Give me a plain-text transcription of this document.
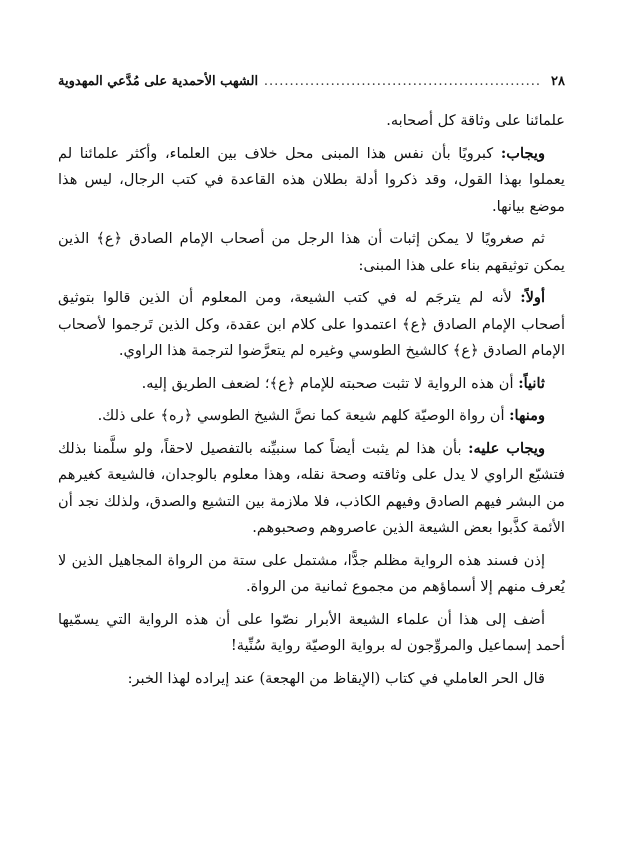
٢٨
.....
الشهب الأحمدية على مُدَّعي المهدوية

علمائنا على وثاقة كل أصحابه.

ويجاب: كبرويًا بأن نفس هذا المبنى محل خلاف بين العلماء، وأكثر علمائنا لم يعملوا بهذا القول، وقد ذكروا أدلة بطلان هذه القاعدة في كتب الرجال، ليس هذا موضع بيانها.

ثم صغرويًا لا يمكن إثبات أن هذا الرجل من أصحاب الإمام الصادق ﴿ع﴾ الذين يمكن توثيقهم بناء على هذا المبنى:

أولاً: لأنه لم يترجَم له في كتب الشيعة، ومن المعلوم أن الذين قالوا بتوثيق أصحاب الإمام الصادق ﴿ع﴾ اعتمدوا على كلام ابن عقدة، وكل الذين تَرجموا لأصحاب الإمام الصادق ﴿ع﴾ كالشيخ الطوسي وغيره لم يتعرَّضوا لترجمة هذا الراوي.

ثانياً: أن هذه الرواية لا تثبت صحبته للإمام ﴿ع﴾؛ لضعف الطريق إليه.

ومنها: أن رواة الوصيّة كلهم شيعة كما نصَّ الشيخ الطوسي ﴿ره﴾ على ذلك.

ويجاب عليه: بأن هذا لم يثبت أيضاً كما سنبيِّنه بالتفصيل لاحقاً، ولو سلَّمنا بذلك فتشيّع الراوي لا يدل على وثاقته وصحة نقله، وهذا معلوم بالوجدان، فالشيعة كغيرهم من البشر فيهم الصادق وفيهم الكاذب، فلا ملازمة بين التشيع والصدق، ولذلك نجد أن الأئمة كذَّبوا بعض الشيعة الذين عاصروهم وصحبوهم.

إذن فسند هذه الرواية مظلم جدًّا، مشتمل على ستة من الرواة المجاهيل الذين لا يُعرف منهم إلا أسماؤهم من مجموع ثمانية من الرواة.

أضف إلى هذا أن علماء الشيعة الأبرار نصّوا على أن هذه الرواية التي يسمّيها أحمد إسماعيل والمروِّجون له برواية الوصيّة رواية سُنِّية!

قال الحر العاملي في كتاب (الإيقاظ من الهجعة) عند إيراده لهذا الخبر:
